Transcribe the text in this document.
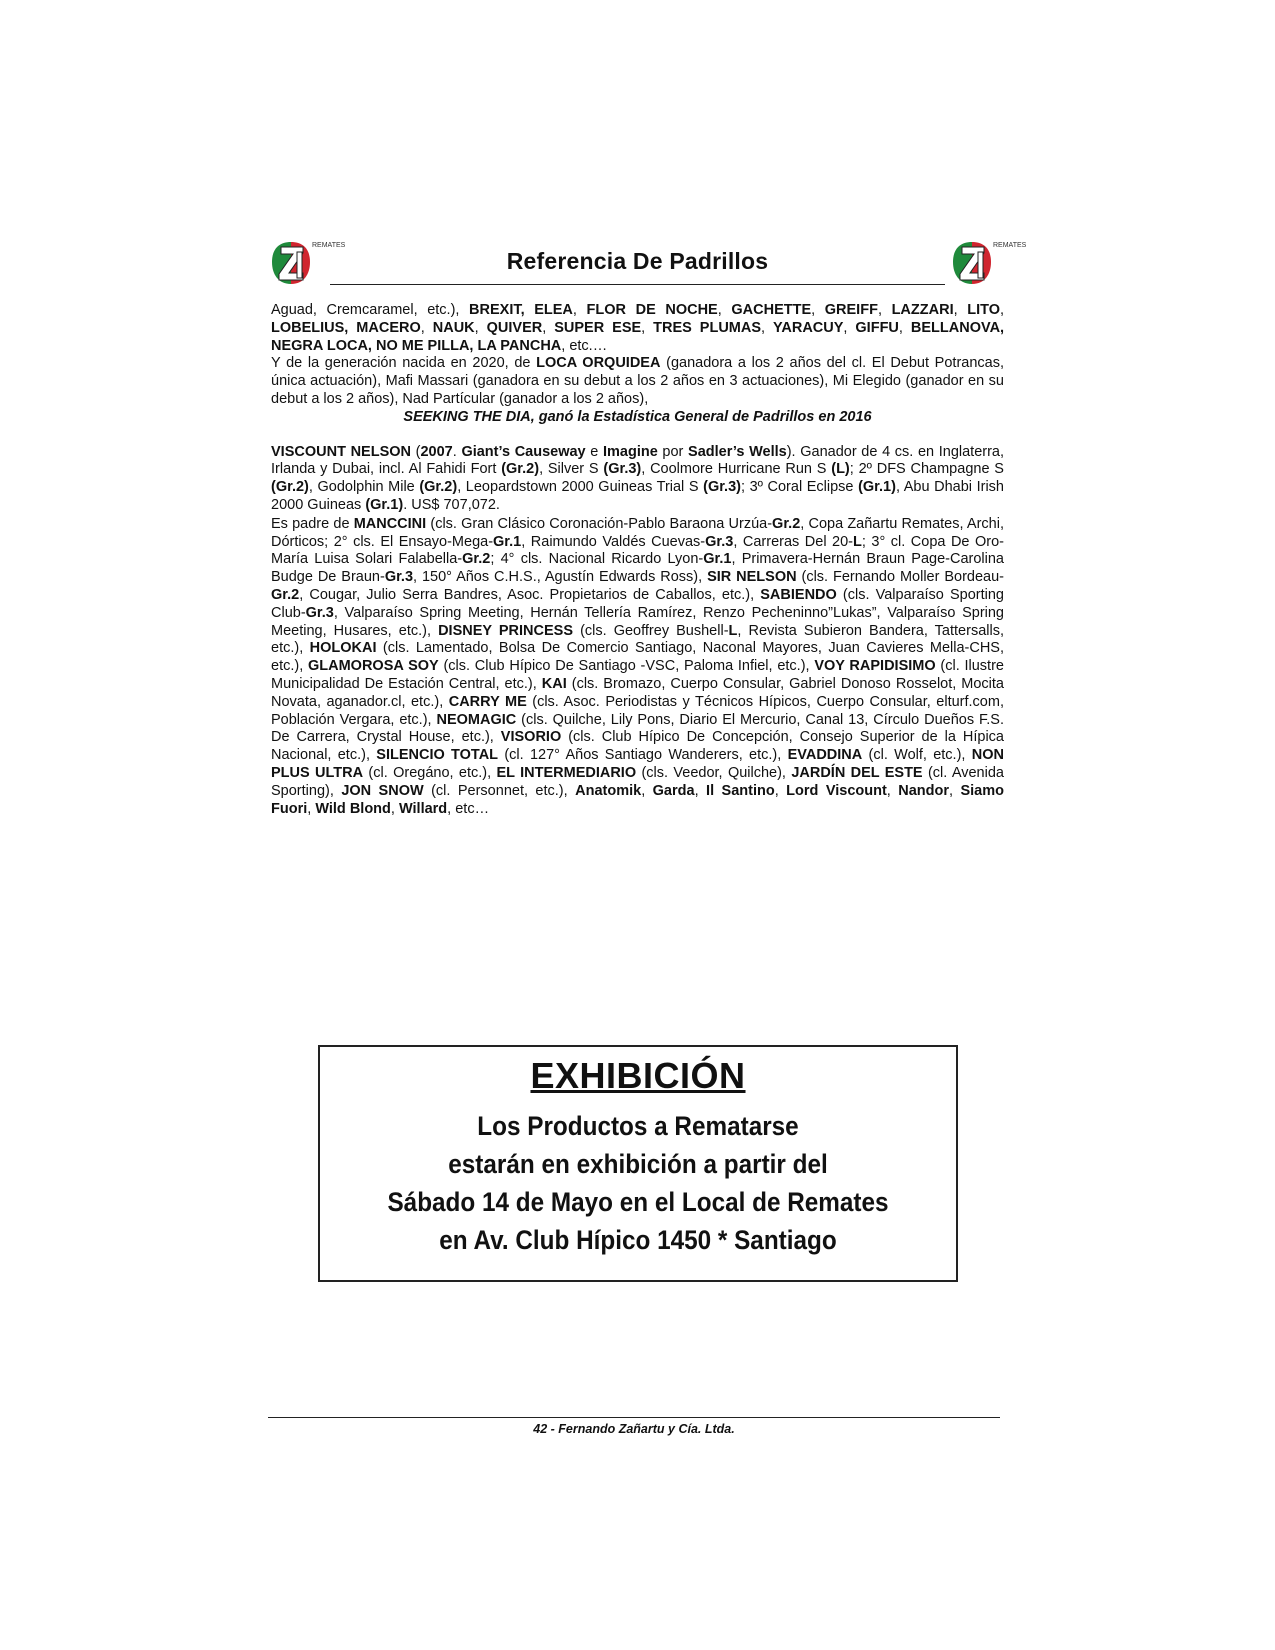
REMATES
Referencia De Padrillos
REMATES

Aguad, Cremcaramel, etc.), BREXIT, ELEA, FLOR DE NOCHE, GACHETTE, GREIFF, LAZZARI, LITO, LOBELIUS, MACERO, NAUK, QUIVER, SUPER ESE, TRES PLUMAS, YARACUY, GIFFU, BELLANOVA, NEGRA LOCA, NO ME PILLA, LA PANCHA, etc.…

Y de la generación nacida en 2020, de LOCA ORQUIDEA (ganadora a los 2 años del cl. El Debut Potrancas, única actuación), Mafi Massari (ganadora en su debut a los 2 años en 3 actuaciones), Mi Elegido (ganador en su debut a los 2 años), Nad Partícular (ganador a los 2 años),

SEEKING THE DIA, ganó la Estadística General de Padrillos en 2016

VISCOUNT NELSON (2007. Giant’s Causeway e Imagine por Sadler’s Wells). Ganador de 4 cs. en Inglaterra, Irlanda y Dubai, incl. Al Fahidi Fort (Gr.2), Silver S (Gr.3), Coolmore Hurricane Run S (L); 2º DFS Champagne S (Gr.2), Godolphin Mile (Gr.2), Leopardstown 2000 Guineas Trial S (Gr.3); 3º Coral Eclipse (Gr.1), Abu Dhabi Irish 2000 Guineas (Gr.1). US$ 707,072.

Es padre de MANCCINI (cls. Gran Clásico Coronación-Pablo Baraona Urzúa-Gr.2, Copa Zañartu Remates, Archi, Dórticos; 2° cls. El Ensayo-Mega-Gr.1, Raimundo Valdés Cuevas-Gr.3, Carreras Del 20-L; 3° cl. Copa De Oro-María Luisa Solari Falabella-Gr.2; 4° cls. Nacional Ricardo Lyon-Gr.1, Primavera-Hernán Braun Page-Carolina Budge De Braun-Gr.3, 150° Años C.H.S., Agustín Edwards Ross), SIR NELSON (cls. Fernando Moller Bordeau-Gr.2, Cougar, Julio Serra Bandres, Asoc. Propietarios de Caballos, etc.), SABIENDO (cls. Valparaíso Sporting Club-Gr.3, Valparaíso Spring Meeting, Hernán Tellería Ramírez, Renzo Pecheninno”Lukas”, Valparaíso Spring Meeting, Husares, etc.), DISNEY PRINCESS (cls. Geoffrey Bushell-L, Revista Subieron Bandera, Tattersalls, etc.), HOLOKAI (cls. Lamentado, Bolsa De Comercio Santiago, Naconal Mayores, Juan Cavieres Mella-CHS, etc.), GLAMOROSA SOY (cls. Club Hípico De Santiago -VSC, Paloma Infiel, etc.), VOY RAPIDISIMO (cl. Ilustre Municipalidad De Estación Central, etc.), KAI (cls. Bromazo, Cuerpo Consular, Gabriel Donoso Rosselot, Mocita Novata, aganador.cl, etc.), CARRY ME (cls. Asoc. Periodistas y Técnicos Hípicos, Cuerpo Consular, elturf.com, Población Vergara, etc.), NEOMAGIC (cls. Quilche, Lily Pons, Diario El Mercurio, Canal 13, Círculo Dueños F.S. De Carrera, Crystal House, etc.), VISORIO (cls. Club Hípico De Concepción, Consejo Superior de la Hípica Nacional, etc.), SILENCIO TOTAL (cl. 127° Años Santiago Wanderers, etc.), EVADDINA (cl. Wolf, etc.), NON PLUS ULTRA (cl. Oregáno, etc.), EL INTERMEDIARIO (cls. Veedor, Quilche), JARDÍN DEL ESTE (cl. Avenida Sporting), JON SNOW (cl. Personnet, etc.), Anatomik, Garda, Il Santino, Lord Viscount, Nandor, Siamo Fuori, Wild Blond, Willard, etc…

EXHIBICIÓN
Los Productos a Rematarse
estarán en exhibición a partir del
Sábado 14 de Mayo en el Local de Remates
en Av. Club Hípico 1450 * Santiago
42 - Fernando Zañartu y Cía. Ltda.
